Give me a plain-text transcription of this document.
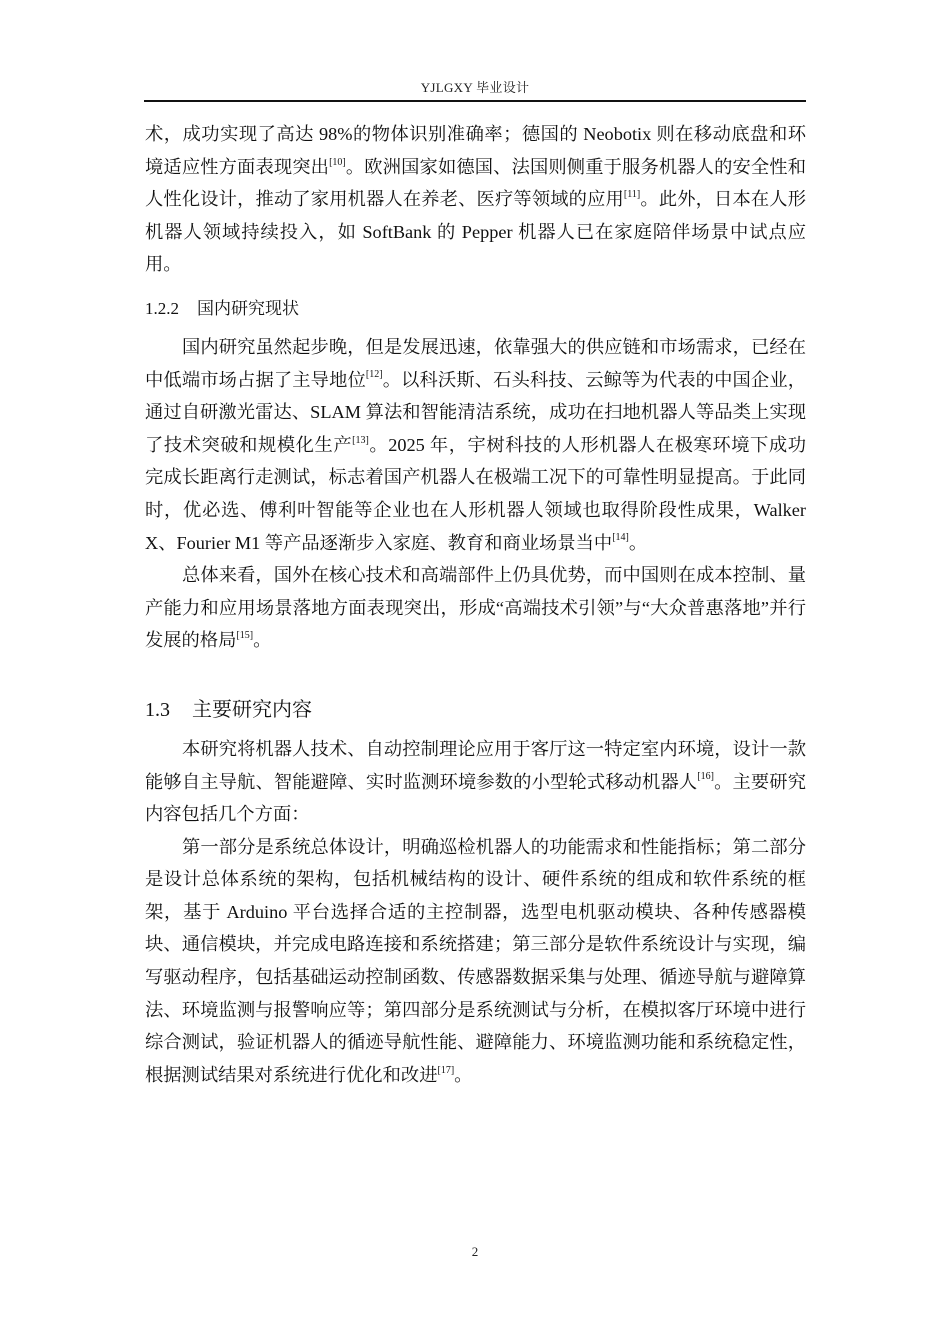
YJLGXY 毕业设计

术，成功实现了高达 98%的物体识别准确率；德国的 Neobotix 则在移动底盘和环境适应性方面表现突出[10]。欧洲国家如德国、法国则侧重于服务机器人的安全性和人性化设计，推动了家用机器人在养老、医疗等领域的应用[11]。此外，日本在人形机器人领域持续投入，如 SoftBank 的 Pepper 机器人已在家庭陪伴场景中试点应用。

1.2.2 国内研究现状

国内研究虽然起步晚，但是发展迅速，依靠强大的供应链和市场需求，已经在中低端市场占据了主导地位[12]。以科沃斯、石头科技、云鲸等为代表的中国企业，通过自研激光雷达、SLAM 算法和智能清洁系统，成功在扫地机器人等品类上实现了技术突破和规模化生产[13]。2025 年，宇树科技的人形机器人在极寒环境下成功完成长距离行走测试，标志着国产机器人在极端工况下的可靠性明显提高。于此同时，优必选、傅利叶智能等企业也在人形机器人领域也取得阶段性成果，Walker X、Fourier M1 等产品逐渐步入家庭、教育和商业场景当中[14]。

总体来看，国外在核心技术和高端部件上仍具优势，而中国则在成本控制、量产能力和应用场景落地方面表现突出，形成“高端技术引领”与“大众普惠落地”并行发展的格局[15]。

1.3 主要研究内容

本研究将机器人技术、自动控制理论应用于客厅这一特定室内环境，设计一款能够自主导航、智能避障、实时监测环境参数的小型轮式移动机器人[16]。主要研究内容包括几个方面：

第一部分是系统总体设计，明确巡检机器人的功能需求和性能指标；第二部分是设计总体系统的架构，包括机械结构的设计、硬件系统的组成和软件系统的框架，基于 Arduino 平台选择合适的主控制器，选型电机驱动模块、各种传感器模块、通信模块，并完成电路连接和系统搭建；第三部分是软件系统设计与实现，编写驱动程序，包括基础运动控制函数、传感器数据采集与处理、循迹导航与避障算法、环境监测与报警响应等；第四部分是系统测试与分析，在模拟客厅环境中进行综合测试，验证机器人的循迹导航性能、避障能力、环境监测功能和系统稳定性，根据测试结果对系统进行优化和改进[17]。

2
